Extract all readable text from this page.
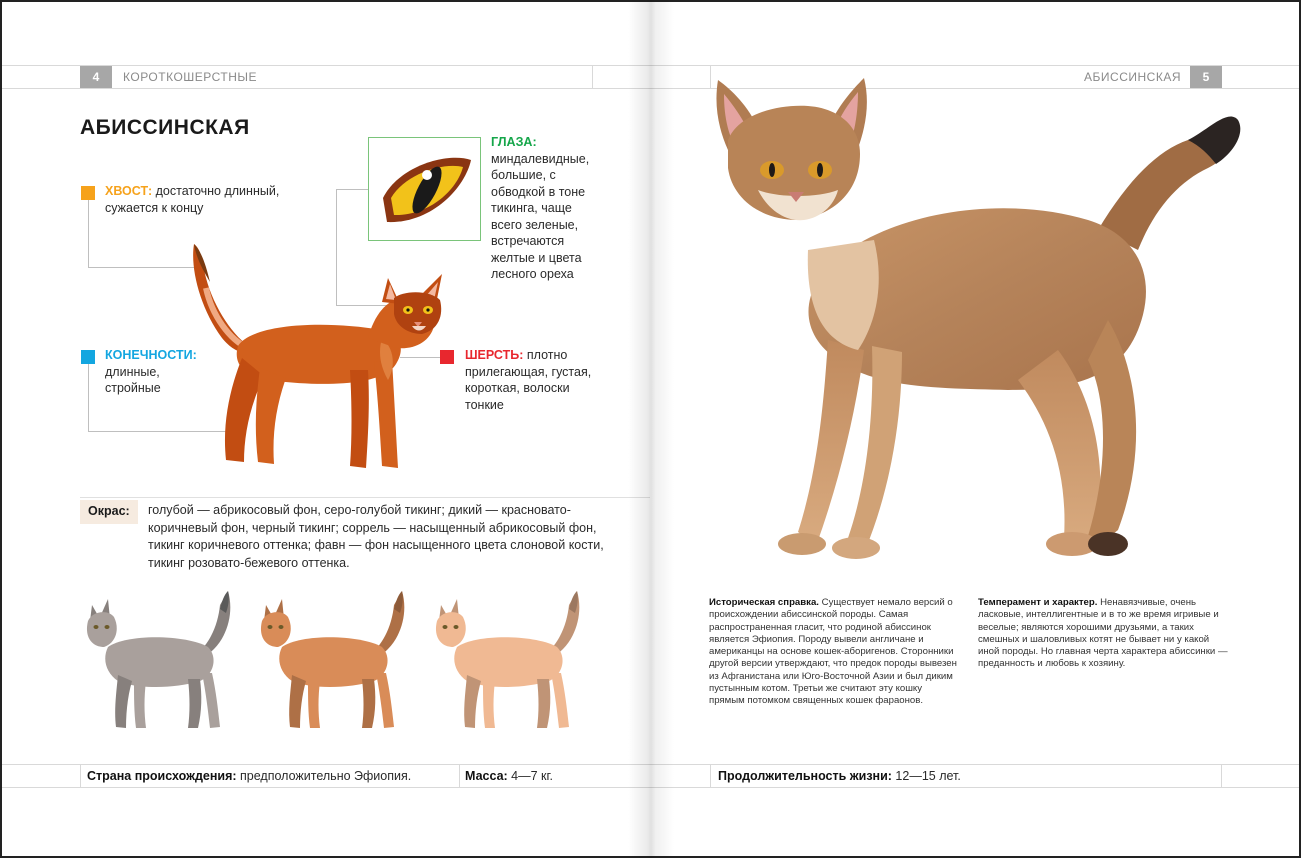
4	КОРОТКОШЕРСТНЫЕ
АБИССИНСКАЯ
ХВОСТ: достаточно длинный, сужается к концу
ГЛАЗА:
миндалевидные, большие, с обводкой в тоне тикинга, чаще всего зеленые, встречаются желтые и цвета лесного ореха
КОНЕЧНОСТИ:
длинные, стройные
ШЕРСТЬ: плотно прилегающая, густая, короткая, волоски тонкие
Окрас:	голубой — абрикосовый фон, серо-голубой тикинг; дикий — красновато-коричневый фон, черный тикинг; соррель — насыщенный абрикосовый фон, тикинг коричневого оттенка; фавн — фон насыщенного цвета слоновой кости, тикинг розовато-бежевого оттенка.
Страна происхождения: предположительно Эфиопия.	Масса: 4—7 кг.
АБИССИНСКАЯ	5
Историческая справка. Существует немало версий о происхождении абиссинской породы. Самая распространенная гласит, что родиной абиссинок является Эфиопия. Породу вывели англичане и американцы на основе кошек-аборигенов. Сторонники другой версии утверждают, что предок породы вывезен из Афганистана или Юго-Восточной Азии и был диким пустынным котом. Третьи же считают эту кошку прямым потомком священных кошек фараонов.
Темперамент и характер. Ненавязчивые, очень ласковые, интеллигентные и в то же время игривые и веселые; являются хорошими друзьями, а таких смешных и шаловливых котят не бывает ни у какой иной породы. Но главная черта характера абиссинки — преданность и любовь к хозяину.
Продолжительность жизни: 12—15 лет.
